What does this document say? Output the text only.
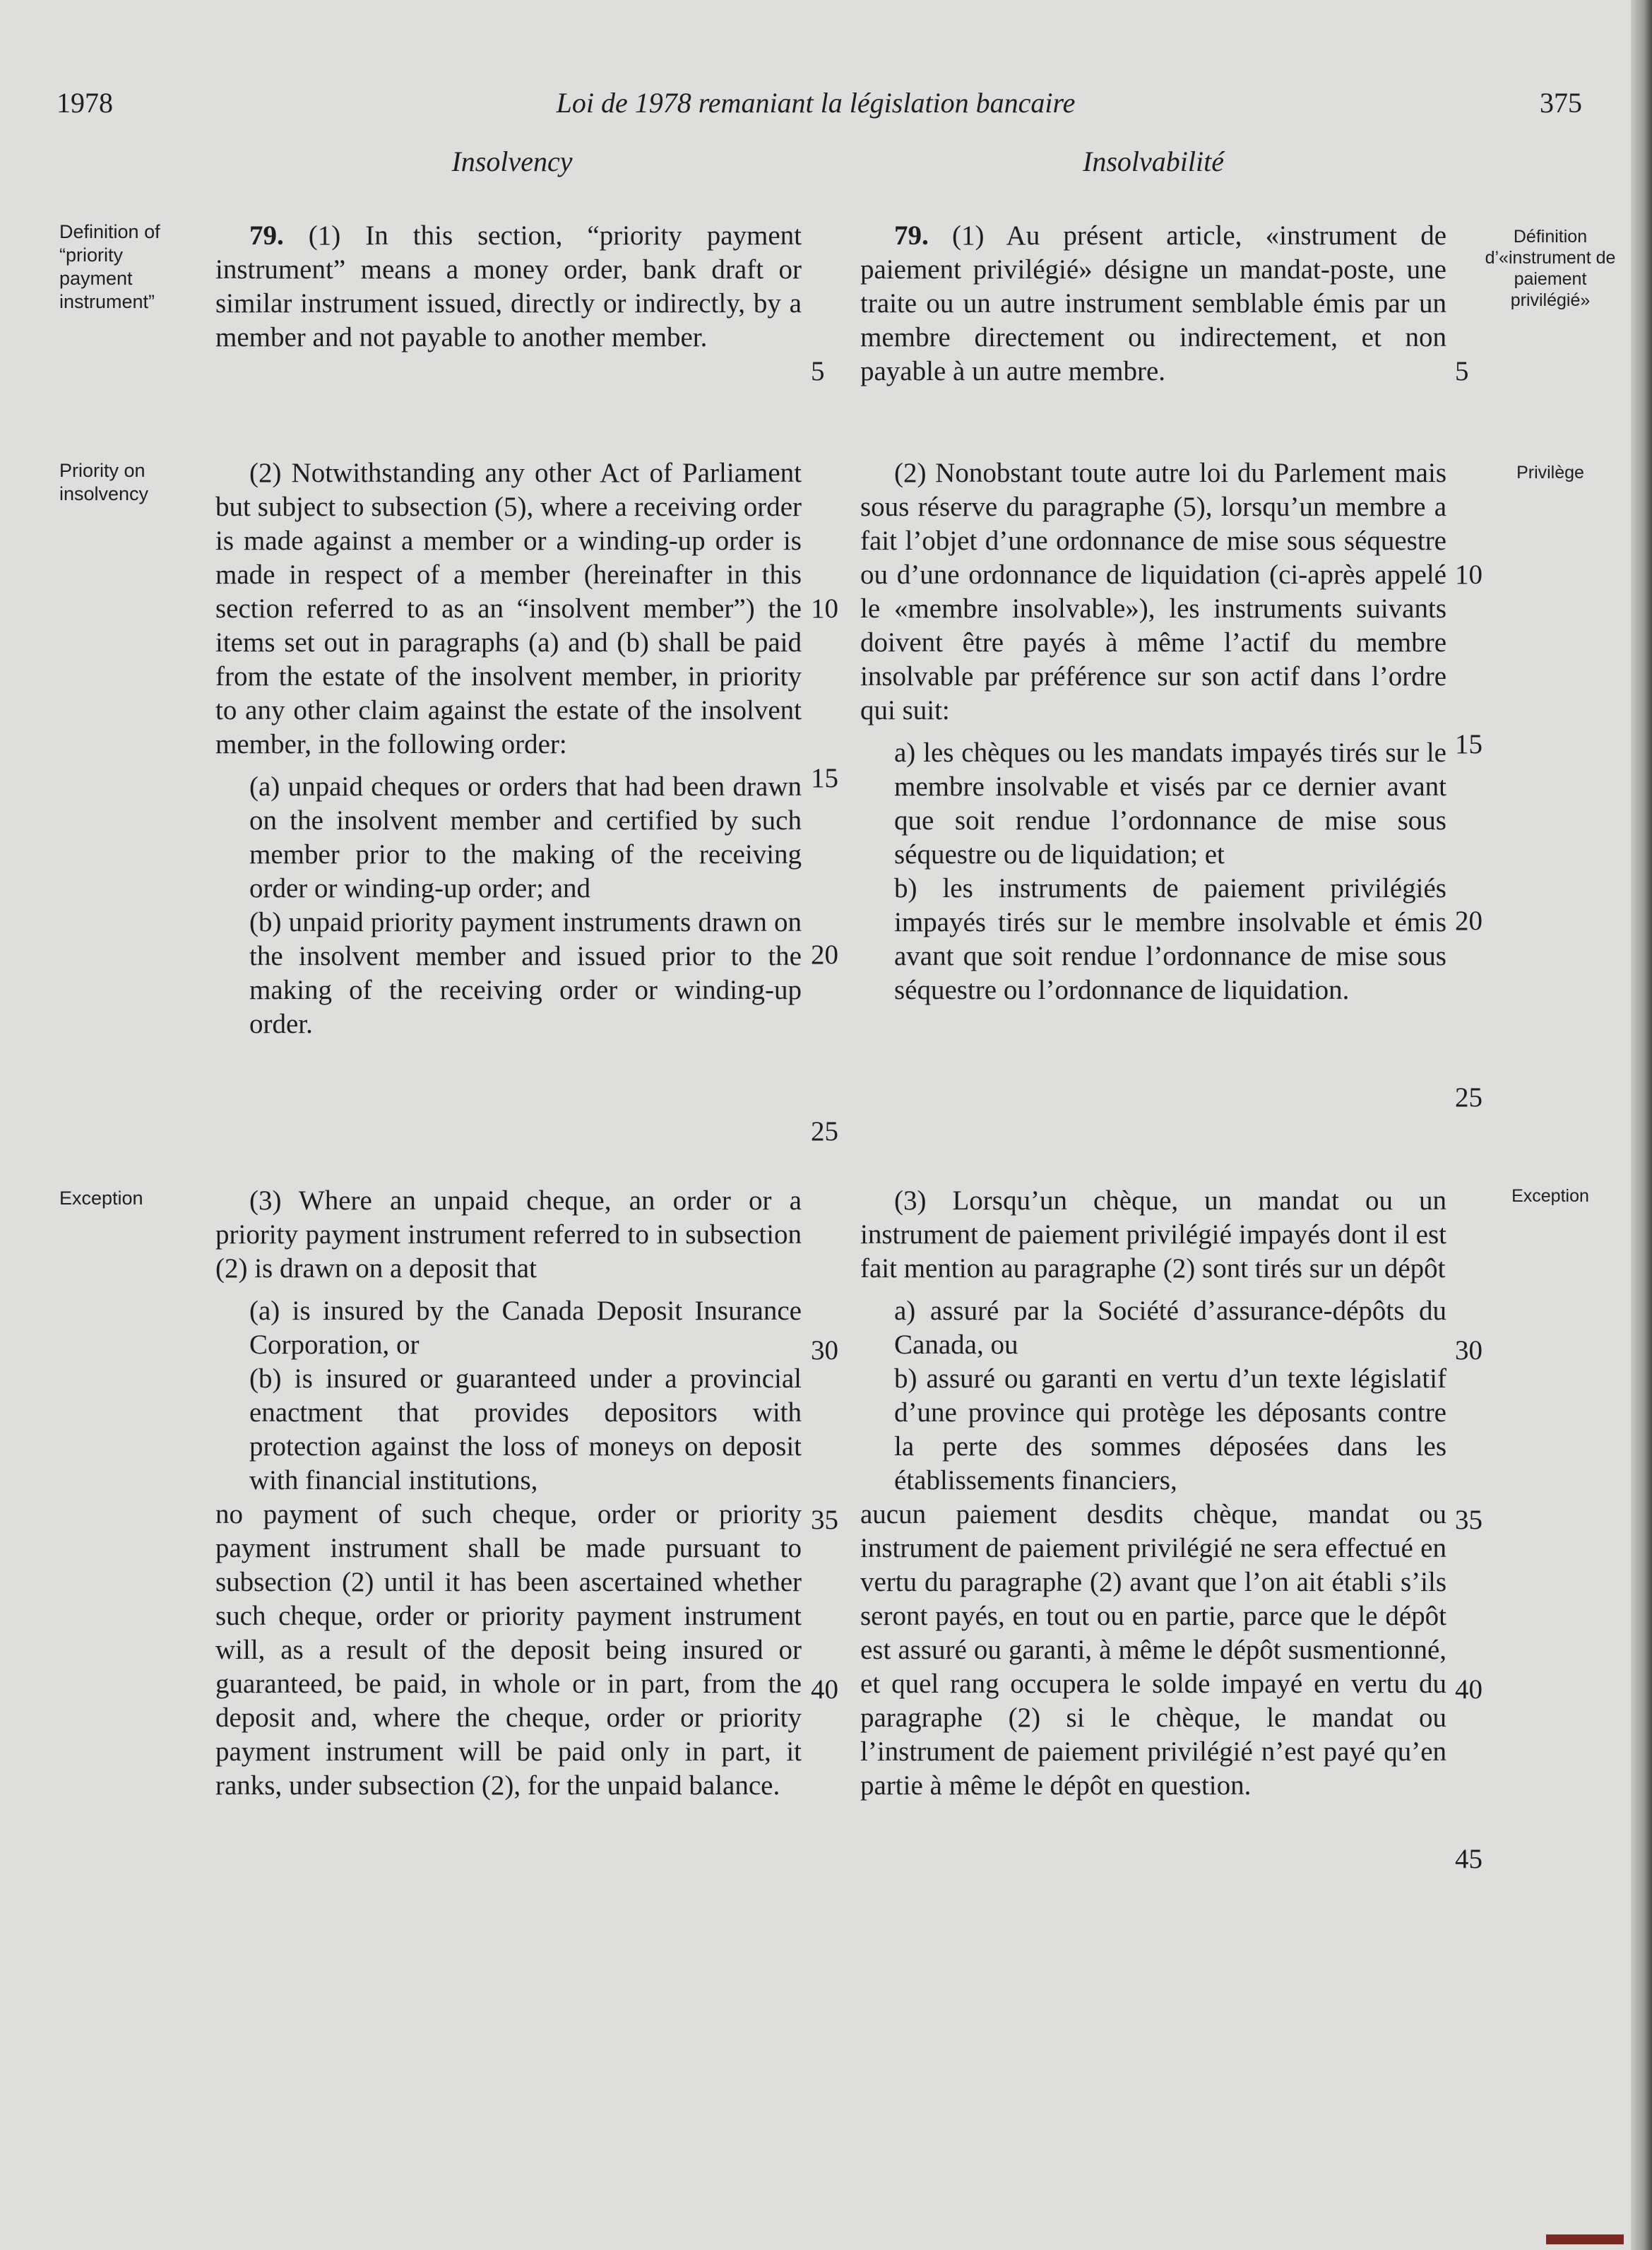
1978	Loi de 1978 remaniant la législation bancaire	375
Insolvency	Insolvabilité
Definition of “priority payment instrument”
Priority on insolvency
Exception
Définition d’«instrument de paiement privilégié»
Privilège
Exception

79. (1) In this section, “priority payment instrument” means a money order, bank draft or similar instrument issued, directly or indirectly, by a member and not payable to another member.

(2) Notwithstanding any other Act of Parliament but subject to subsection (5), where a receiving order is made against a member or a winding-up order is made in respect of a member (hereinafter in this section referred to as an “insolvent member”) the items set out in paragraphs (a) and (b) shall be paid from the estate of the insolvent member, in priority to any other claim against the estate of the insolvent member, in the following order:

(a) unpaid cheques or orders that had been drawn on the insolvent member and certified by such member prior to the making of the receiving order or winding-up order; and

(b) unpaid priority payment instruments drawn on the insolvent member and issued prior to the making of the receiving order or winding-up order.

(3) Where an unpaid cheque, an order or a priority payment instrument referred to in subsection (2) is drawn on a deposit that

(a) is insured by the Canada Deposit Insurance Corporation, or

(b) is insured or guaranteed under a provincial enactment that provides depositors with protection against the loss of moneys on deposit with financial institutions,

no payment of such cheque, order or priority payment instrument shall be made pursuant to subsection (2) until it has been ascertained whether such cheque, order or priority payment instrument will, as a result of the deposit being insured or guaranteed, be paid, in whole or in part, from the deposit and, where the cheque, order or priority payment instrument will be paid only in part, it ranks, under subsection (2), for the unpaid balance.

79. (1) Au présent article, «instrument de paiement privilégié» désigne un mandat-poste, une traite ou un autre instrument semblable émis par un membre directement ou indirectement, et non payable à un autre membre.

(2) Nonobstant toute autre loi du Parlement mais sous réserve du paragraphe (5), lorsqu’un membre a fait l’objet d’une ordonnance de mise sous séquestre ou d’une ordonnance de liquidation (ci-après appelé le «membre insolvable»), les instruments suivants doivent être payés à même l’actif du membre insolvable par préférence sur son actif dans l’ordre qui suit:

a) les chèques ou les mandats impayés tirés sur le membre insolvable et visés par ce dernier avant que soit rendue l’ordonnance de mise sous séquestre ou de liquidation; et

b) les instruments de paiement privilégiés impayés tirés sur le membre insolvable et émis avant que soit rendue l’ordonnance de mise sous séquestre ou l’ordonnance de liquidation.

(3) Lorsqu’un chèque, un mandat ou un instrument de paiement privilégié impayés dont il est fait mention au paragraphe (2) sont tirés sur un dépôt

a) assuré par la Société d’assurance-dépôts du Canada, ou

b) assuré ou garanti en vertu d’un texte législatif d’une province qui protège les déposants contre la perte des sommes déposées dans les établissements financiers,

aucun paiement desdits chèque, mandat ou instrument de paiement privilégié ne sera effectué en vertu du paragraphe (2) avant que l’on ait établi s’ils seront payés, en tout ou en partie, parce que le dépôt est assuré ou garanti, à même le dépôt susmentionné, et quel rang occupera le solde impayé en vertu du paragraphe (2) si le chèque, le mandat ou l’instrument de paiement privilégié n’est payé qu’en partie à même le dépôt en question.

5
10
15
20
25
30
35
40
5
10
15
20
25
30
35
40
45
